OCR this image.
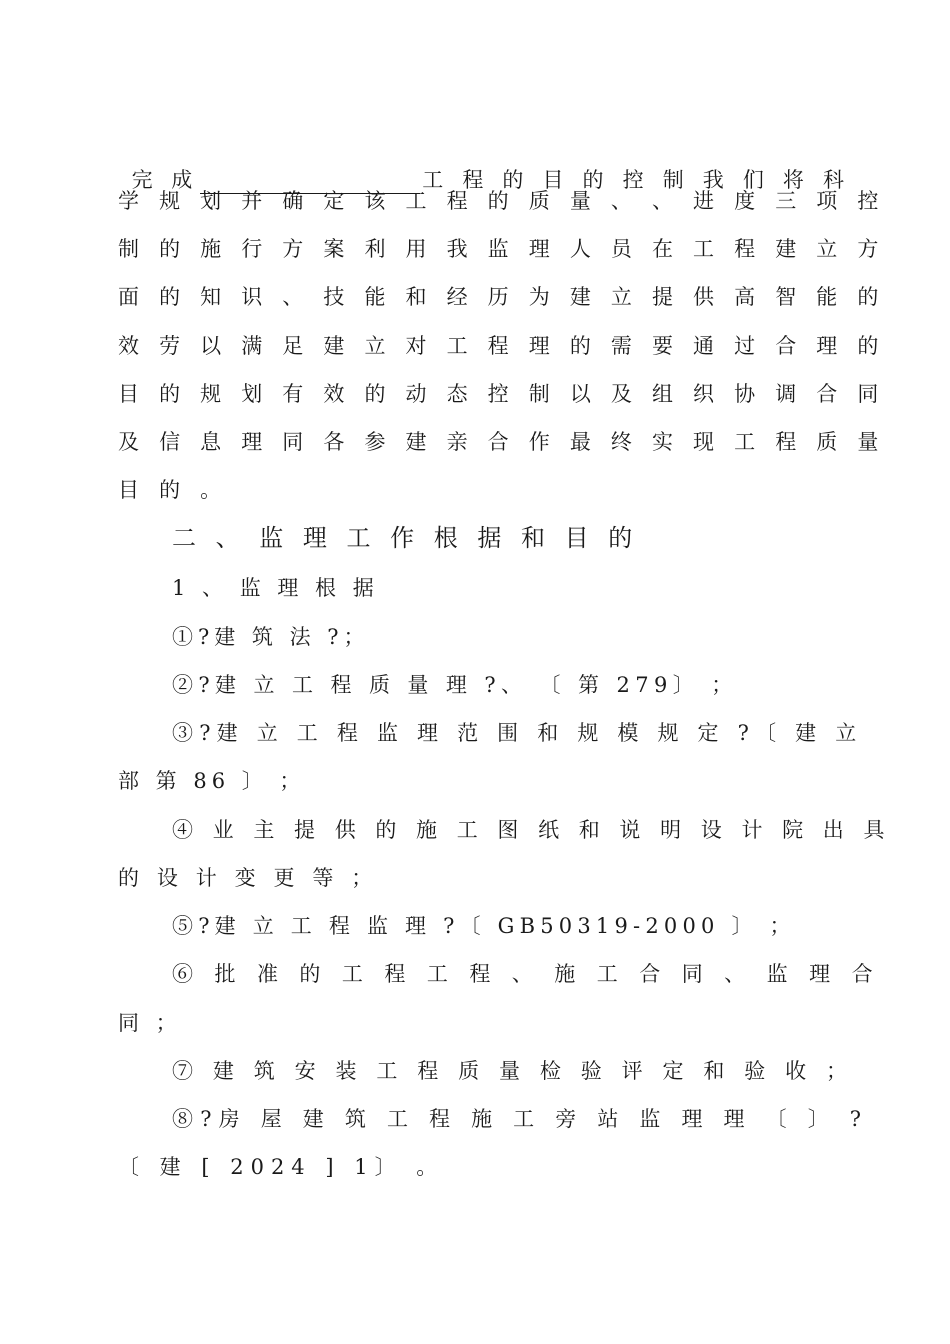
完 成	工 程 的 目 的 控 制 我 们 将 科

学 规 划 并 确 定 该 工 程 的 质 量 、 、 进 度 三 项 控
制 的 施 行 方 案 利 用 我 监 理 人 员 在 工 程 建 立 方
面 的 知 识 、 技 能 和 经 历 为 建 立 提 供 高 智 能 的
效 劳 以 满 足 建 立 对 工 程 理 的 需 要 通 过 合 理 的
目 的 规 划 有 效 的 动 态 控 制 以 及 组 织 协 调 合 同
及 信 息 理 同 各 参 建 亲 合 作 最 终 实 现 工 程 质 量
目 的 。
二 、 监 理 工 作 根 据 和 目 的
1 、 监 理 根 据
①?建 筑 法 ?；
②?建 立 工 程 质 量 理 ?、 〔 第 279〕 ；
③?建 立 工 程 监 理 范 围 和 规 模 规 定 ?〔 建 立
部 第 86 〕 ；
④ 业 主 提 供 的 施 工 图 纸 和 说 明 设 计 院 出 具
的 设 计 变 更 等 ；
⑤?建 立 工 程 监 理 ?〔 GB50319-2000 〕 ；
⑥ 批 准 的 工 程 工 程 、 施 工 合 同 、 监 理 合
同 ；
⑦ 建 筑 安 装 工 程 质 量 检 验 评 定 和 验 收 ；
⑧?房 屋 建 筑 工 程 施 工 旁 站 监 理 理 〔 〕 ?
〔 建 [ 2024 ] 1〕 。
